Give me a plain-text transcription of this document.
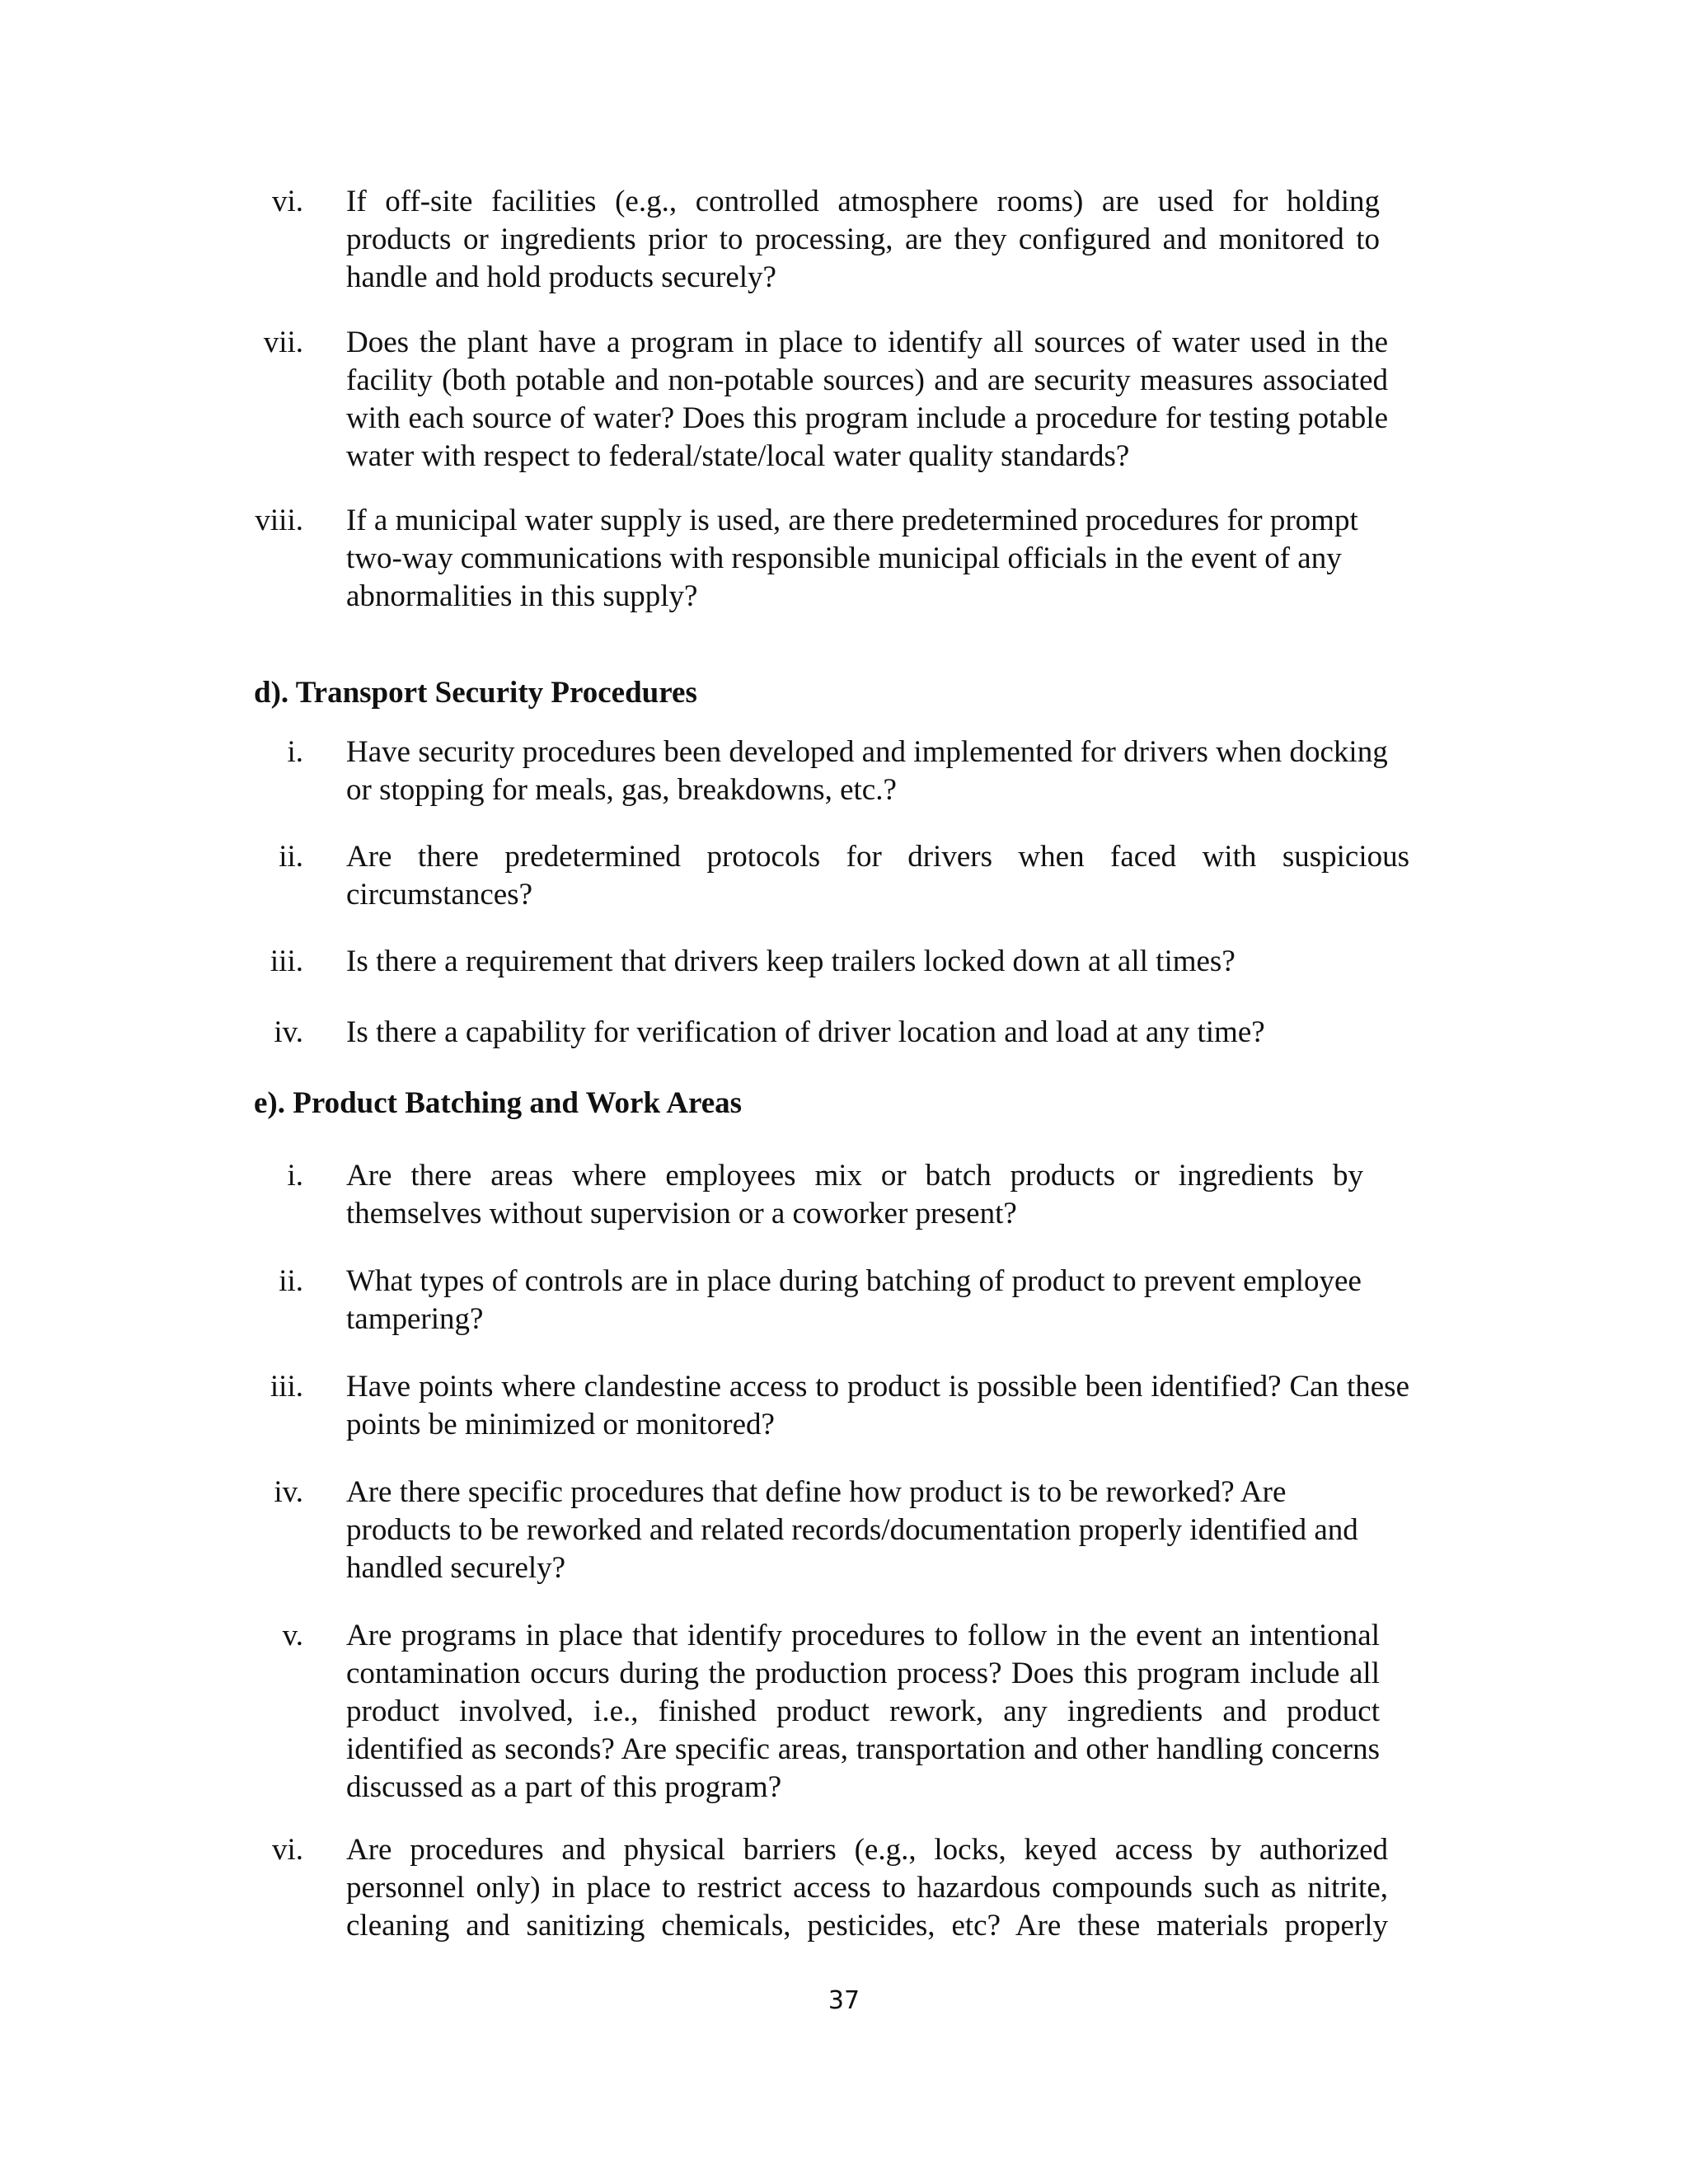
vi. If off-site facilities (e.g., controlled atmosphere rooms) are used for holding products or ingredients prior to processing, are they configured and monitored to handle and hold products securely?
vii. Does the plant have a program in place to identify all sources of water used in the facility (both potable and non-potable sources) and are security measures associated with each source of water? Does this program include a procedure for testing potable water with respect to federal/state/local water quality standards?
viii. If a municipal water supply is used, are there predetermined procedures for prompt two-way communications with responsible municipal officials in the event of any abnormalities in this supply?
d). Transport Security Procedures
i. Have security procedures been developed and implemented for drivers when docking or stopping for meals, gas, breakdowns, etc.?
ii. Are there predetermined protocols for drivers when faced with suspicious circumstances?
iii. Is there a requirement that drivers keep trailers locked down at all times?
iv. Is there a capability for verification of driver location and load at any time?
e). Product Batching and Work Areas
i. Are there areas where employees mix or batch products or ingredients by themselves without supervision or a coworker present?
ii. What types of controls are in place during batching of product to prevent employee tampering?
iii. Have points where clandestine access to product is possible been identified? Can these points be minimized or monitored?
iv. Are there specific procedures that define how product is to be reworked? Are products to be reworked and related records/documentation properly identified and handled securely?
v. Are programs in place that identify procedures to follow in the event an intentional contamination occurs during the production process? Does this program include all product involved, i.e., finished product rework, any ingredients and product identified as seconds? Are specific areas, transportation and other handling concerns discussed as a part of this program?
vi. Are procedures and physical barriers (e.g., locks, keyed access by authorized personnel only) in place to restrict access to hazardous compounds such as nitrite, cleaning and sanitizing chemicals, pesticides, etc? Are these materials properly
37
